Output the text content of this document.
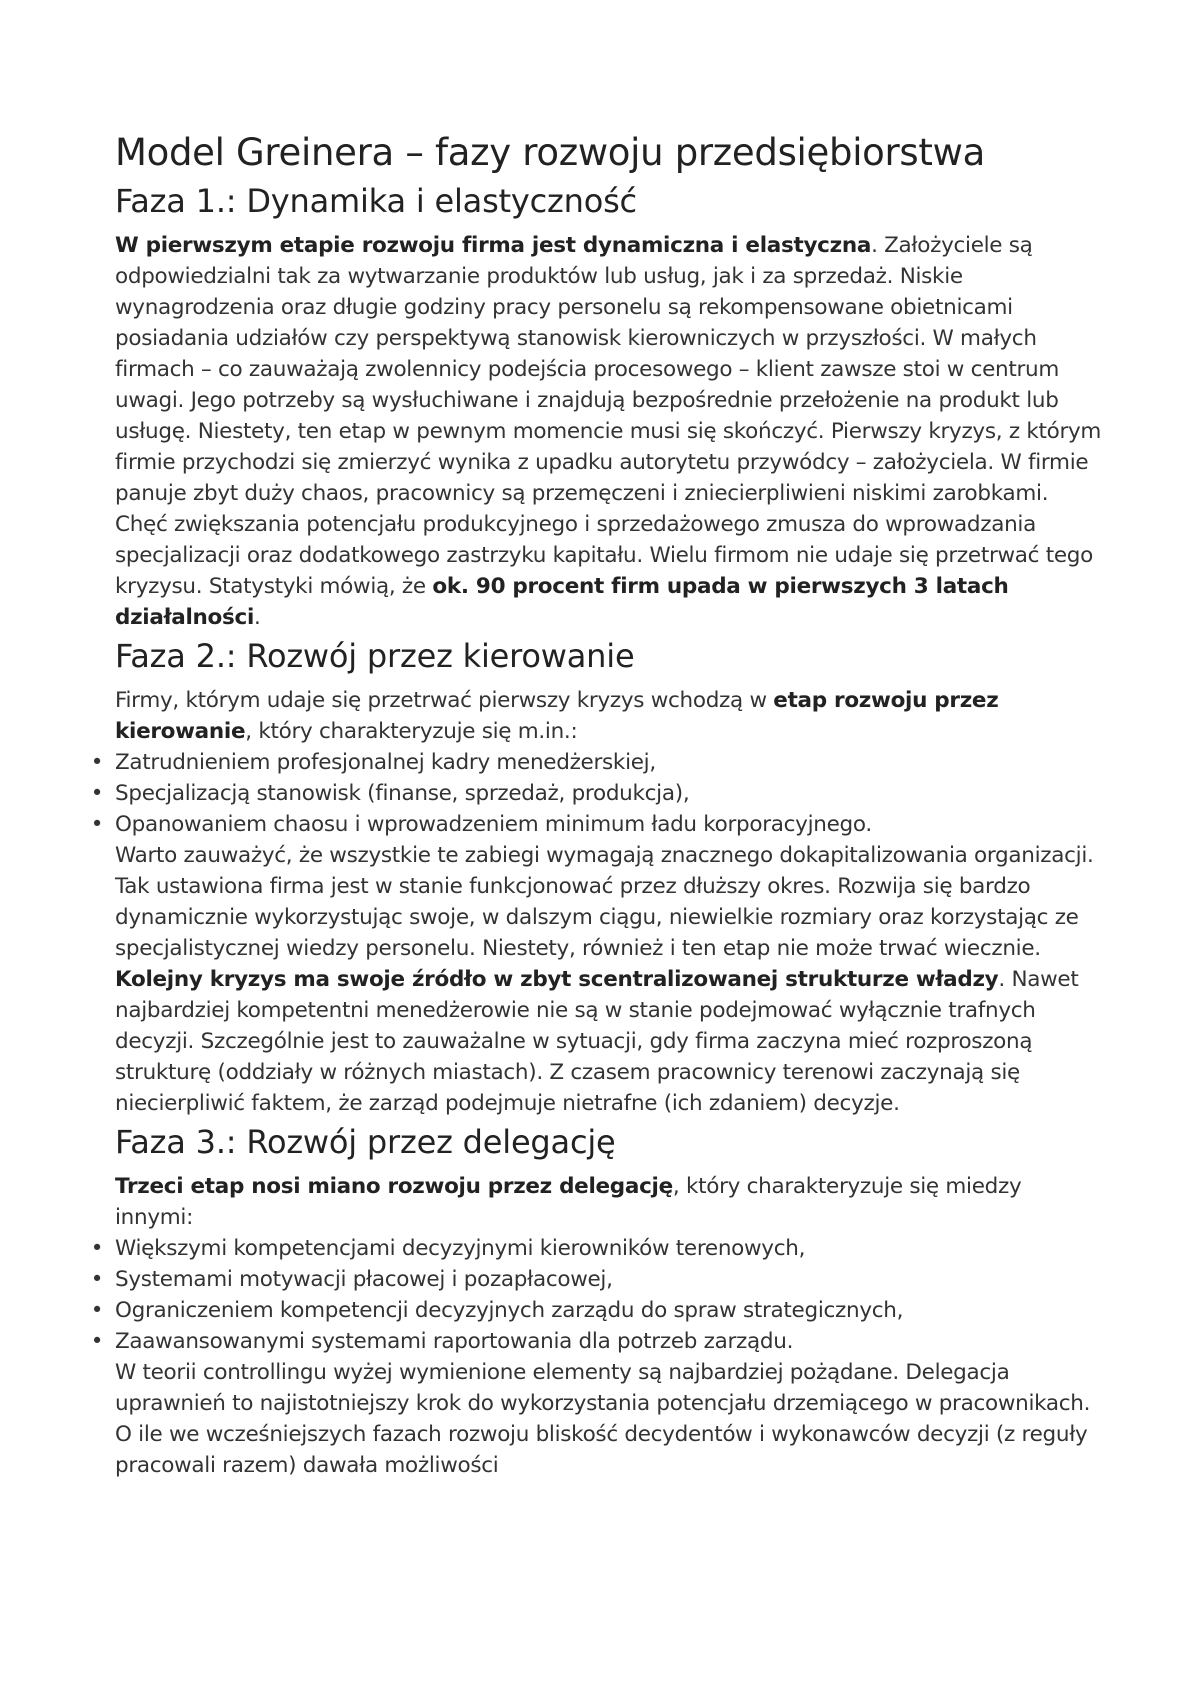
Model Greinera – fazy rozwoju przedsiębiorstwa
Faza 1.: Dynamika i elastyczność

W pierwszym etapie rozwoju firma jest dynamiczna i elastyczna. Założyciele są odpowiedzialni tak za wytwarzanie produktów lub usług, jak i za sprzedaż. Niskie wynagrodzenia oraz długie godziny pracy personelu są rekompensowane obietnicami posiadania udziałów czy perspektywą stanowisk kierowniczych w przyszłości. W małych firmach – co zauważają zwolennicy podejścia procesowego – klient zawsze stoi w centrum uwagi. Jego potrzeby są wysłuchiwane i znajdują bezpośrednie przełożenie na produkt lub usługę. Niestety, ten etap w pewnym momencie musi się skończyć. Pierwszy kryzys, z którym firmie przychodzi się zmierzyć wynika z upadku autorytetu przywódcy – założyciela. W firmie panuje zbyt duży chaos, pracownicy są przemęczeni i zniecierpliwieni niskimi zarobkami. Chęć zwiększania potencjału produkcyjnego i sprzedażowego zmusza do wprowadzania specjalizacji oraz dodatkowego zastrzyku kapitału. Wielu firmom nie udaje się przetrwać tego kryzysu. Statystyki mówią, że ok. 90 procent firm upada w pierwszych 3 latach działalności.

Faza 2.: Rozwój przez kierowanie

Firmy, którym udaje się przetrwać pierwszy kryzys wchodzą w etap rozwoju przez kierowanie, który charakteryzuje się m.in.:

• Zatrudnieniem profesjonalnej kadry menedżerskiej,
• Specjalizacją stanowisk (finanse, sprzedaż, produkcja),
• Opanowaniem chaosu i wprowadzeniem minimum ładu korporacyjnego.

Warto zauważyć, że wszystkie te zabiegi wymagają znacznego dokapitalizowania organizacji. Tak ustawiona firma jest w stanie funkcjonować przez dłuższy okres. Rozwija się bardzo dynamicznie wykorzystując swoje, w dalszym ciągu, niewielkie rozmiary oraz korzystając ze specjalistycznej wiedzy personelu. Niestety, również i ten etap nie może trwać wiecznie. Kolejny kryzys ma swoje źródło w zbyt scentralizowanej strukturze władzy. Nawet najbardziej kompetentni menedżerowie nie są w stanie podejmować wyłącznie trafnych decyzji. Szczególnie jest to zauważalne w sytuacji, gdy firma zaczyna mieć rozproszoną strukturę (oddziały w różnych miastach). Z czasem pracownicy terenowi zaczynają się niecierpliwić faktem, że zarząd podejmuje nietrafne (ich zdaniem) decyzje.

Faza 3.: Rozwój przez delegację

Trzeci etap nosi miano rozwoju przez delegację, który charakteryzuje się miedzy innymi:

• Większymi kompetencjami decyzyjnymi kierowników terenowych,
• Systemami motywacji płacowej i pozapłacowej,
• Ograniczeniem kompetencji decyzyjnych zarządu do spraw strategicznych,
• Zaawansowanymi systemami raportowania dla potrzeb zarządu.

W teorii controllingu wyżej wymienione elementy są najbardziej pożądane. Delegacja uprawnień to najistotniejszy krok do wykorzystania potencjału drzemiącego w pracownikach. O ile we wcześniejszych fazach rozwoju bliskość decydentów i wykonawców decyzji (z reguły pracowali razem) dawała możliwości
